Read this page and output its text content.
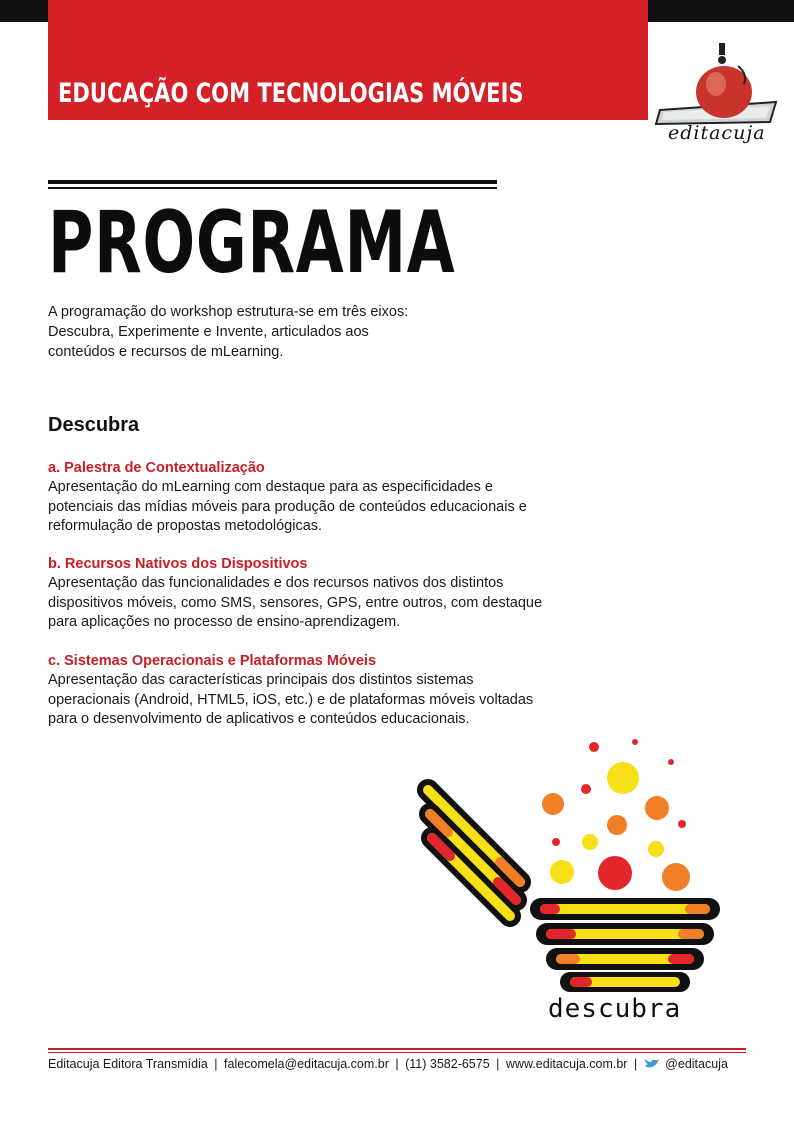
EDUCAÇÃO COM TECNOLOGIAS MÓVEIS
editacuja
PROGRAMA
A programação do workshop estrutura-se em três eixos:
Descubra, Experimente e Invente, articulados aos
conteúdos e recursos de mLearning.
Descubra
a. Palestra de Contextualização
Apresentação do mLearning com destaque para as especificidades e
potenciais das mídias móveis para produção de conteúdos educacionais e
reformulação de propostas metodológicas.
b. Recursos Nativos dos Dispositivos
Apresentação das funcionalidades e dos recursos nativos dos distintos
dispositivos móveis, como SMS, sensores, GPS, entre outros, com destaque
para aplicações no processo de ensino-aprendizagem.
c. Sistemas Operacionais e Plataformas Móveis
Apresentação das características principais dos distintos sistemas
operacionais (Android, HTML5, iOS, etc.) e de plataformas móveis voltadas
para o desenvolvimento de aplicativos e conteúdos educacionais.
descubra
Editacuja Editora Transmídia | falecomela@editacuja.com.br | (11) 3582-6575 | www.editacuja.com.br | @editacuja
